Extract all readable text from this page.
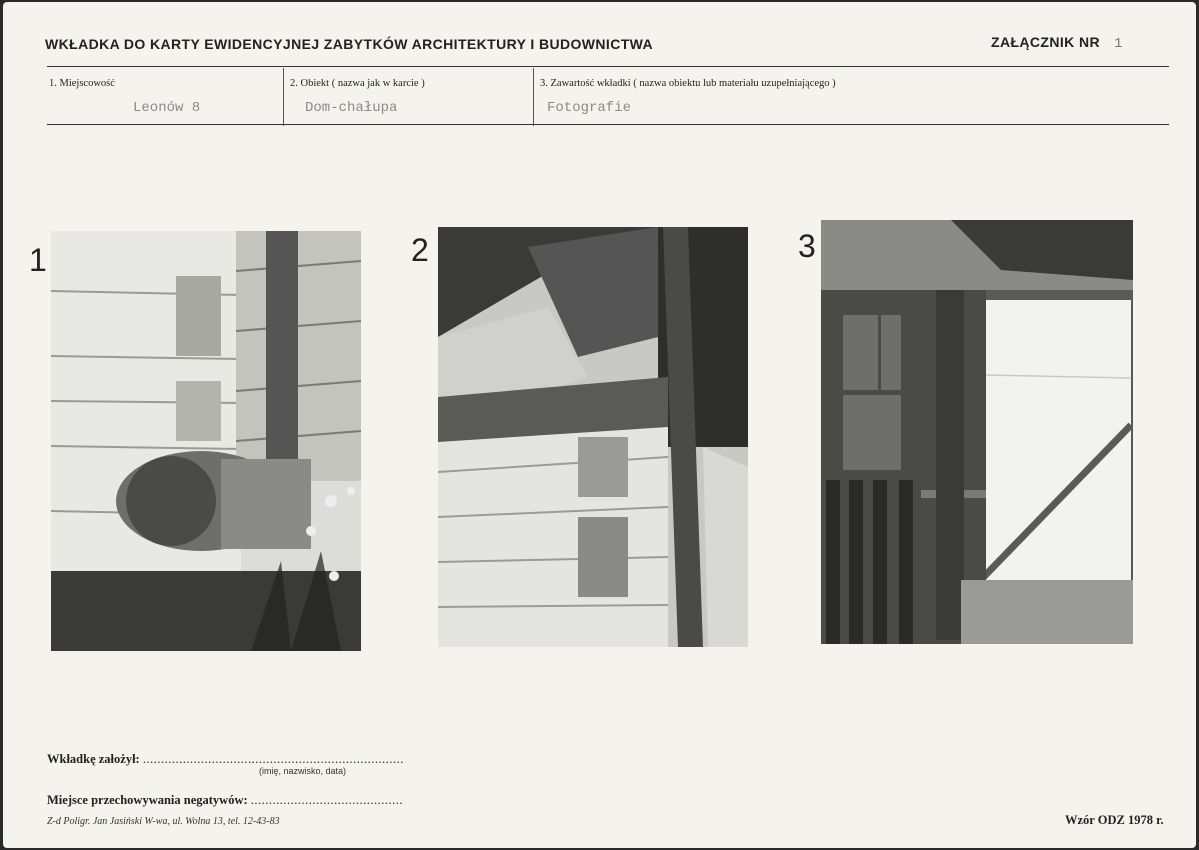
WKŁADKA DO KARTY EWIDENCYJNEJ ZABYTKÓW ARCHITEKTURY I BUDOWNICTWA	ZAŁĄCZNIK NR 1
1. Miejscowość
Leonów 8
2. Obiekt ( nazwa jak w karcie )
Dom-chałupa
3. Zawartość wkładki ( nazwa obiektu lub materiału uzupełniającego )
Fotografie
1	2	3
Wkładkę założył: ........................................................................
(imię, nazwisko, data)
Miejsce przechowywania negatywów: ..........................................
Z-d Poligr. Jan Jasiński W-wa, ul. Wolna 13, tel. 12-43-83	Wzór ODZ 1978 r.
